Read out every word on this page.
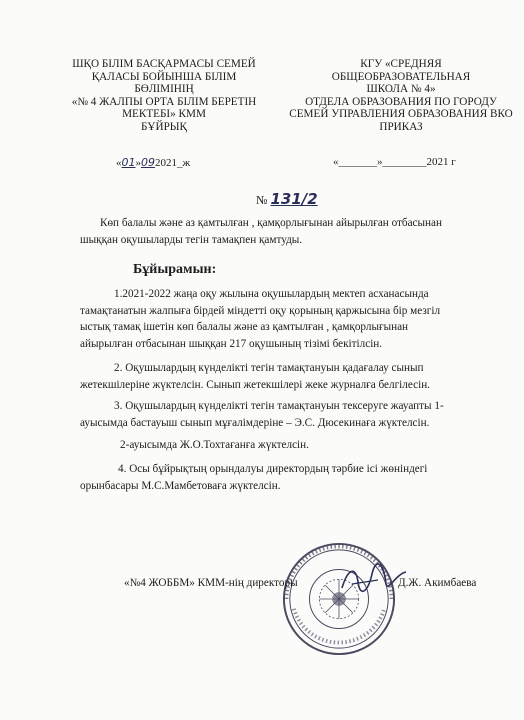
ШҚО БІЛІМ БАСҚАРМАСЫ СЕМЕЙ
ҚАЛАСЫ БОЙЫНША БІЛІМ
БӨЛІМІНІҢ
«№ 4 ЖАЛПЫ ОРТА БІЛІМ БЕРЕТІН
МЕКТЕБІ» КММ
БҰЙРЫҚ
КГУ «СРЕДНЯЯ
ОБЩЕОБРАЗОВАТЕЛЬНАЯ
ШКОЛА № 4»
ОТДЕЛА ОБРАЗОВАНИЯ ПО ГОРОДУ
СЕМЕЙ УПРАВЛЕНИЯ ОБРАЗОВАНИЯ ВКО
ПРИКАЗ
«01»092021_ж	«_______»________2021 г
№ 131/2
Көп балалы және аз қамтылған , қамқорлығынан айырылған отбасынан
шыққан оқушыларды тегін тамақпен қамтуды.
Бұйырамын:
1.2021-2022 жаңа оқу жылына оқушылардың мектеп асханасында
тамақтанатын жалпыға бірдей міндетті оқу қорының қаржысына бір мезгіл
ыстық тамақ ішетін көп балалы және аз қамтылған , қамқорлығынан
айырылған отбасынан шыққан 217 оқушының тізімі бекітілсін.
2. Оқушылардың күнделікті тегін тамақтануын қадағалау сынып
жетекшілеріне жүктелсін. Сынып жетекшілері жеке журналға белгілесін.
3. Оқушылардың күнделікті тегін тамақтануын тексеруге жауапты 1-
ауысымда бастауыш сынып мұғалімдеріне – Э.С. Дюсекинаға жүктелсін.
2-ауысымда Ж.О.Тохтағанға жүктелсін.
4. Осы бұйрықтың орындалуы директордың тәрбие ісі жөніндегі
орынбасары М.С.Мамбетоваға жүктелсін.
«№4 ЖОББМ» КММ-нің директоры	Д.Ж. Акимбаева
